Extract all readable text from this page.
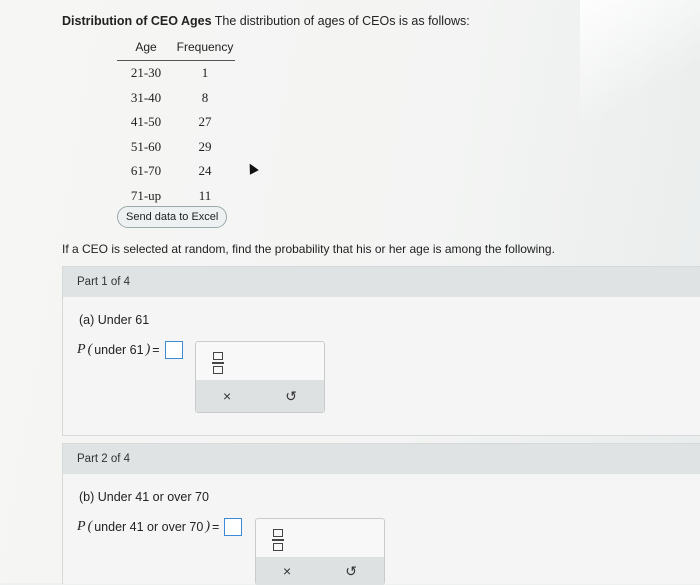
Distribution of CEO Ages The distribution of ages of CEOs is as follows:
Age	Frequency
21-30	1
31-40	8
41-50	27
51-60	29
61-70	24
71-up	11
Send data to Excel
If a CEO is selected at random, find the probability that his or her age is among the following.
Part 1 of 4
(a) Under 61
P ( under 61 ) =
×	↺
Part 2 of 4
(b) Under 41 or over 70
P ( under 41 or over 70 ) =
×	↺
